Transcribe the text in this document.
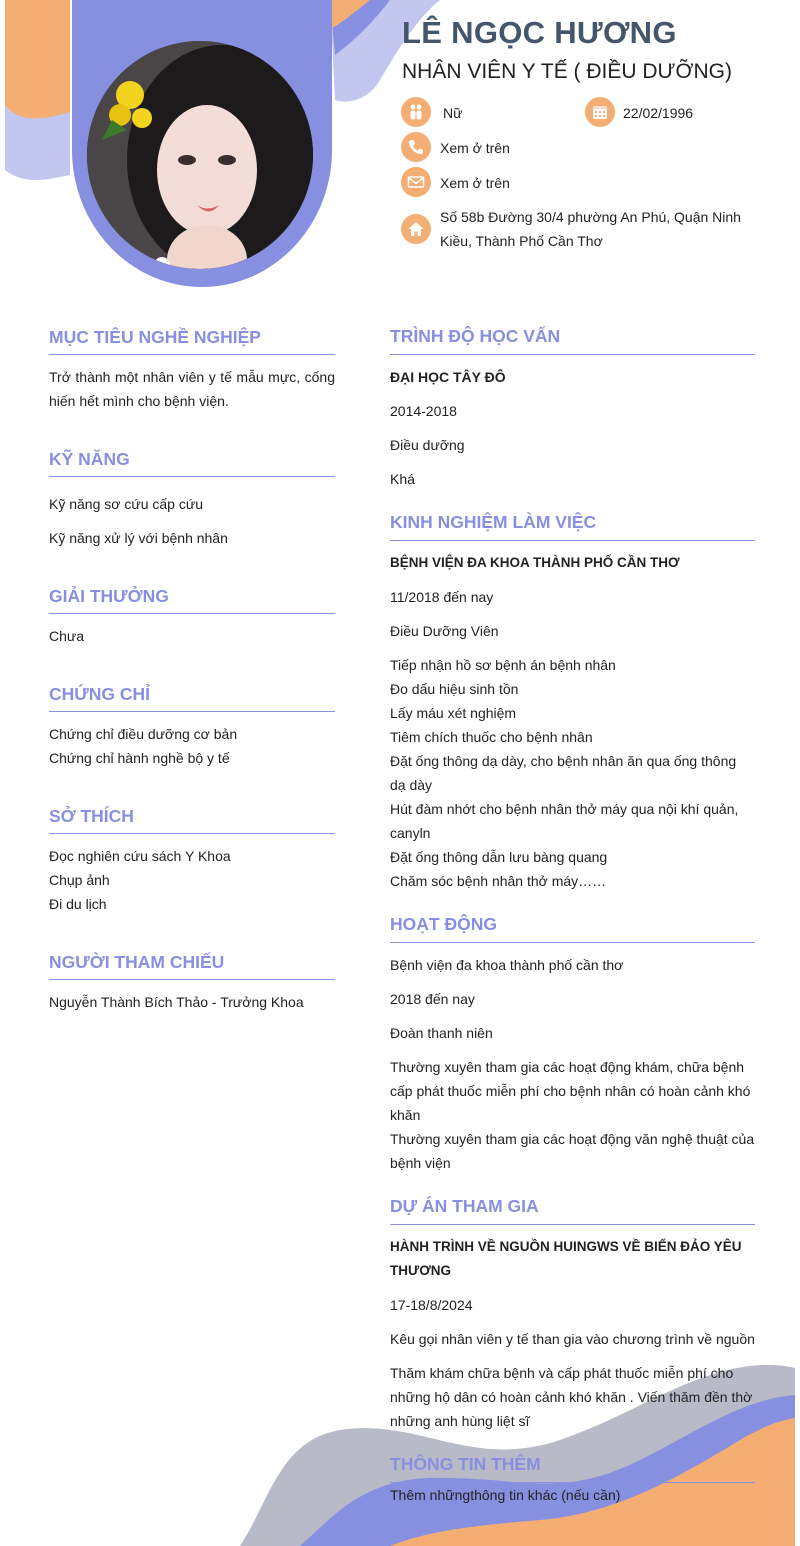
LÊ NGỌC HƯƠNG
NHÂN VIÊN Y TẾ ( ĐIỀU DƯỠNG)
Nữ	22/02/1996
Xem ở trên
Xem ở trên
Số 58b Đường 30/4 phường An Phú, Quận Ninh Kiều, Thành Phố Cần Thơ
MỤC TIÊU NGHỀ NGHIỆP
Trở thành một nhân viên y tế mẫu mực, cống hiến hết mình cho bệnh viện.
KỸ NĂNG
Kỹ năng sơ cứu cấp cứu
Kỹ năng xử lý với bệnh nhân
GIẢI THƯỞNG
Chưa
CHỨNG CHỈ
Chứng chỉ điều dưỡng cơ bản
Chứng chỉ hành nghề bộ y tế
SỞ THÍCH
Đọc nghiên cứu sách Y Khoa
Chụp ảnh
Đi du lịch
NGƯỜI THAM CHIẾU
Nguyễn Thành Bích Thảo - Trưởng Khoa
TRÌNH ĐỘ HỌC VẤN
ĐẠI HỌC TÂY ĐÔ
2014-2018
Điều dưỡng
Khá
KINH NGHIỆM LÀM VIỆC
BỆNH VIỆN ĐA KHOA THÀNH PHỐ CẦN THƠ
11/2018 đến nay
Điều Dưỡng Viên
Tiếp nhận hồ sơ bệnh án bệnh nhân
Đo dấu hiệu sinh tồn
Lấy máu xét nghiệm
Tiêm chích thuốc cho bệnh nhân
Đặt ống thông dạ dày, cho bệnh nhân ăn qua ống thông dạ dày
Hút đàm nhớt cho bệnh nhân thở máy qua nội khí quản, canyln
Đặt ống thông dẫn lưu bàng quang
Chăm sóc bệnh nhân thở máy……
HOẠT ĐỘNG
Bệnh viện đa khoa thành phố cần thơ
2018 đến nay
Đoàn thanh niên
Thường xuyên tham gia các hoạt động khám, chữa bệnh cấp phát thuốc miễn phí cho bệnh nhân có hoàn cảnh khó khăn
Thường xuyên tham gia các hoạt động văn nghệ thuật của bệnh viện
DỰ ÁN THAM GIA
HÀNH TRÌNH VỀ NGUỒN HUINGWS VỀ BIỂN ĐẢO YÊU THƯƠNG
17-18/8/2024
Kêu gọi nhân viên y tế than gia vào chương trình về nguồn
Thăm khám chữa bệnh và cấp phát thuốc miễn phí cho những hộ dân có hoàn cảnh khó khăn . Viến thăm đền thờ những anh hùng liệt sĩ
THÔNG TIN THÊM
Thêm nhữngthông tin khác (nếu cần)
